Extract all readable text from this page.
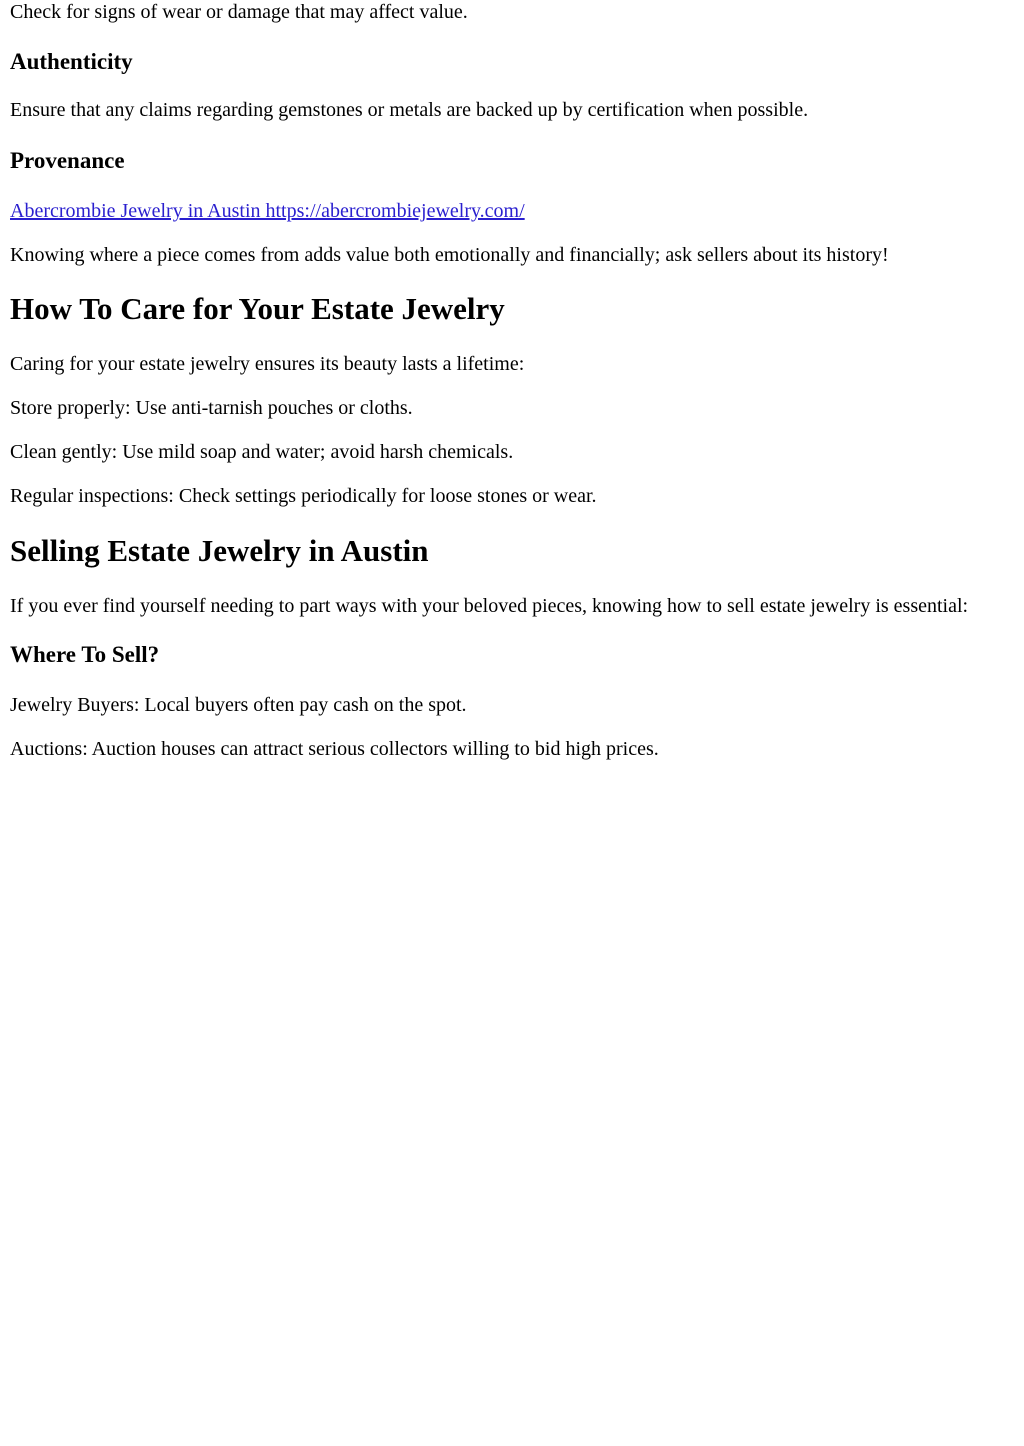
Check for signs of wear or damage that may affect value.

Authenticity

Ensure that any claims regarding gemstones or metals are backed up by certification when possible.

Provenance

Abercrombie Jewelry in Austin https://abercrombiejewelry.com/

Knowing where a piece comes from adds value both emotionally and financially; ask sellers about its history!

How To Care for Your Estate Jewelry

Caring for your estate jewelry ensures its beauty lasts a lifetime:

Store properly: Use anti-tarnish pouches or cloths.

Clean gently: Use mild soap and water; avoid harsh chemicals.

Regular inspections: Check settings periodically for loose stones or wear.

Selling Estate Jewelry in Austin

If you ever find yourself needing to part ways with your beloved pieces, knowing how to sell estate jewelry is essential:

Where To Sell?

Jewelry Buyers: Local buyers often pay cash on the spot.

Auctions: Auction houses can attract serious collectors willing to bid high prices.
